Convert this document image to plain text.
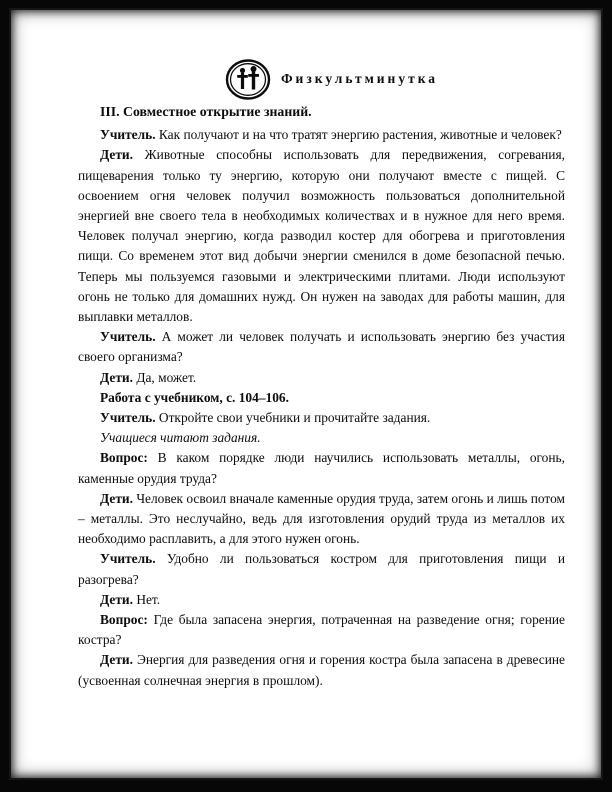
Физкультминутка

III. Совместное открытие знаний.

Учитель. Как получают и на что тратят энергию растения, животные и человек?

Дети. Животные способны использовать для передвижения, согревания, пищеварения только ту энергию, которую они получают вместе с пищей. С освоением огня человек получил возможность пользоваться дополнительной энергией вне своего тела в необходимых количествах и в нужное для него время. Человек получал энергию, когда разводил костер для обогрева и приготовления пищи. Со временем этот вид добычи энергии сменился в доме безопасной печью. Теперь мы пользуемся газовыми и электрическими плитами. Люди используют огонь не только для домашних нужд. Он нужен на заводах для работы машин, для выплавки металлов.

Учитель. А может ли человек получать и использовать энергию без участия своего организма?

Дети. Да, может.

Работа с учебником, с. 104–106.

Учитель. Откройте свои учебники и прочитайте задания.

Учащиеся читают задания.

Вопрос: В каком порядке люди научились использовать металлы, огонь, каменные орудия труда?

Дети. Человек освоил вначале каменные орудия труда, затем огонь и лишь потом – металлы. Это неслучайно, ведь для изготовления орудий труда из металлов их необходимо расплавить, а для этого нужен огонь.

Учитель. Удобно ли пользоваться костром для приготовления пищи и разогрева?

Дети. Нет.

Вопрос: Где была запасена энергия, потраченная на разведение огня; горение костра?

Дети. Энергия для разведения огня и горения костра была запасена в древесине (усвоенная солнечная энергия в прошлом).
